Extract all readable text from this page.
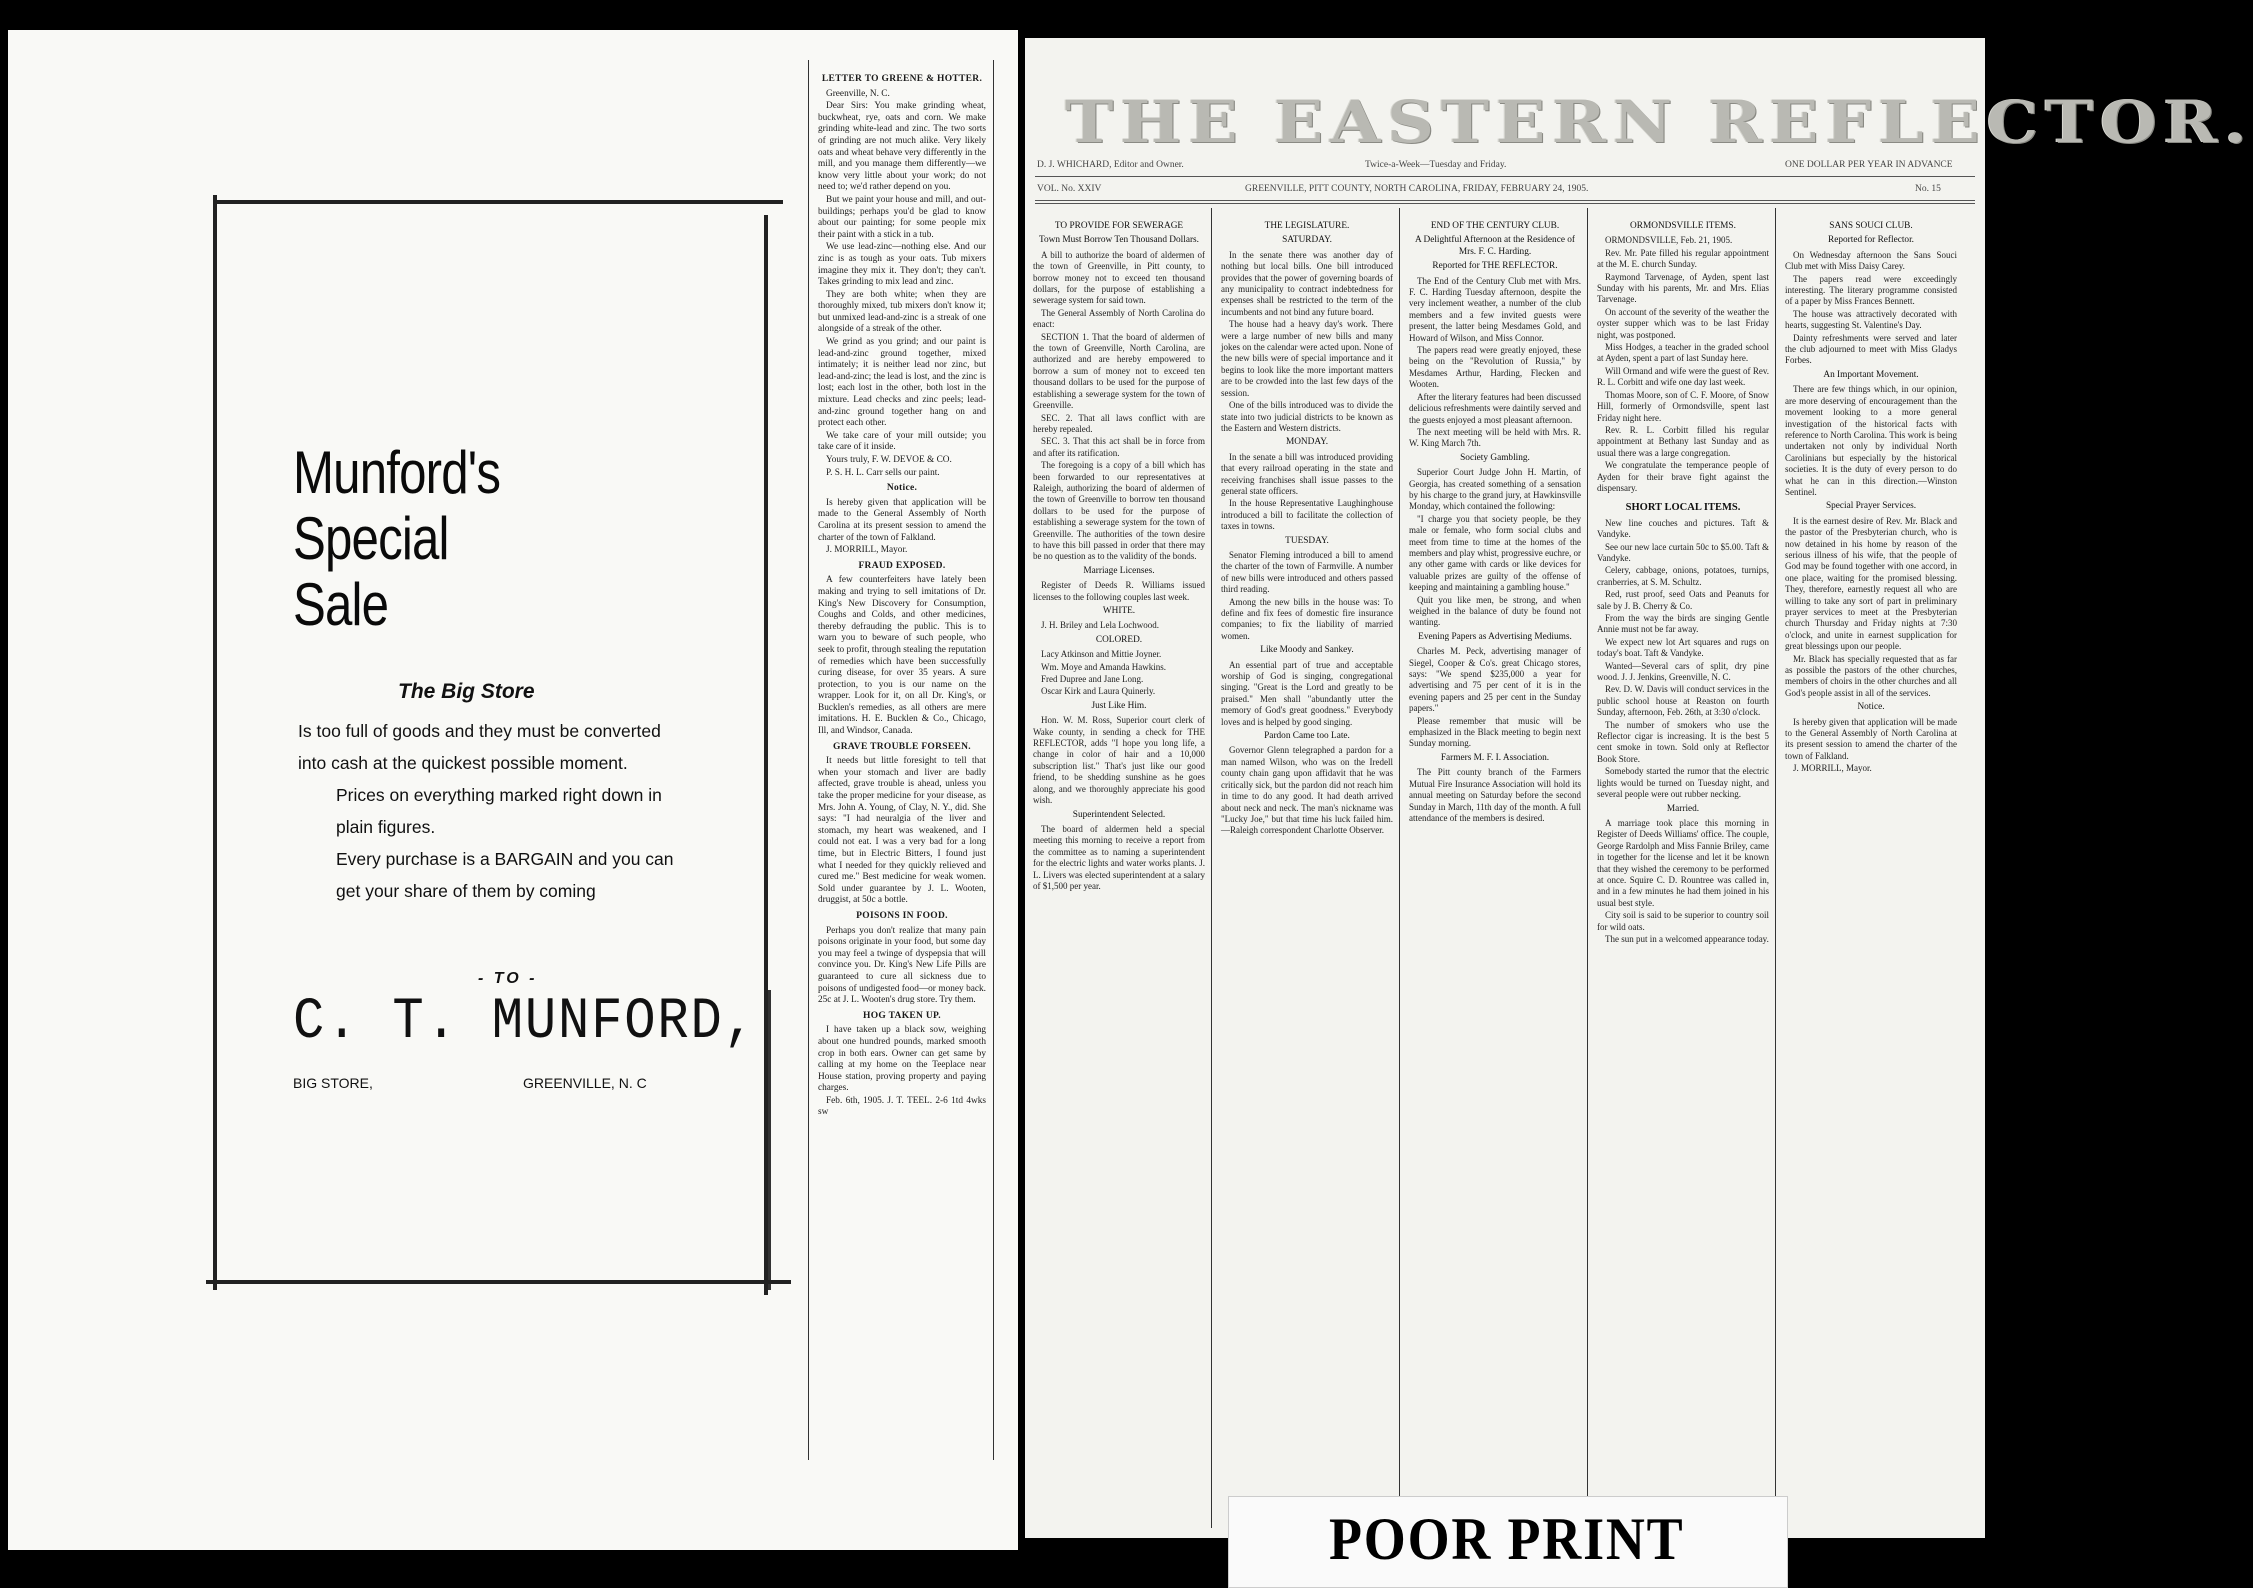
Munford's
Special
Sale
The Big Store

Is too full of goods and they must be converted into cash at the quickest possible moment.

Prices on everything marked right down in plain figures.

Every purchase is a BARGAIN and you can get your share of them by coming

- TO -
C. T. MUNFORD,
BIG STORE,	GREENVILLE, N. C
LETTER TO GREENE & HOTTER.

Greenville, N. C.

Dear Sirs: You make grinding wheat, buckwheat, rye, oats and corn. We make grinding white-lead and zinc. The two sorts of grinding are not much alike. Very likely oats and wheat behave very differently in the mill, and you manage them differently—we know very little about your work; do not need to; we'd rather depend on you.

But we paint your house and mill, and out-buildings; perhaps you'd be glad to know about our painting; for some people mix their paint with a stick in a tub.

We use lead-zinc—nothing else. And our zinc is as tough as your oats. Tub mixers imagine they mix it. They don't; they can't. Takes grinding to mix lead and zinc.

They are both white; when they are thoroughly mixed, tub mixers don't know it; but unmixed lead-and-zinc is a streak of one alongside of a streak of the other.

We grind as you grind; and our paint is lead-and-zinc ground together, mixed intimately; it is neither lead nor zinc, but lead-and-zinc; the lead is lost, and the zinc is lost; each lost in the other, both lost in the mixture. Lead checks and zinc peels; lead-and-zinc ground together hang on and protect each other.

We take care of your mill outside; you take care of it inside.

Yours truly, F. W. DEVOE & CO.

P. S. H. L. Carr sells our paint.

Notice.

Is hereby given that application will be made to the General Assembly of North Carolina at its present session to amend the charter of the town of Falkland.

J. MORRILL, Mayor.

FRAUD EXPOSED.

A few counterfeiters have lately been making and trying to sell imitations of Dr. King's New Discovery for Consumption, Coughs and Colds, and other medicines, thereby defrauding the public. This is to warn you to beware of such people, who seek to profit, through stealing the reputation of remedies which have been successfully curing disease, for over 35 years. A sure protection, to you is our name on the wrapper. Look for it, on all Dr. King's, or Bucklen's remedies, as all others are mere imitations. H. E. Bucklen & Co., Chicago, Ill, and Windsor, Canada.

GRAVE TROUBLE FORSEEN.

It needs but little foresight to tell that when your stomach and liver are badly affected, grave trouble is ahead, unless you take the proper medicine for your disease, as Mrs. John A. Young, of Clay, N. Y., did. She says: "I had neuralgia of the liver and stomach, my heart was weakened, and I could not eat. I was a very bad for a long time, but in Electric Bitters, I found just what I needed for they quickly relieved and cured me." Best medicine for weak women. Sold under guarantee by J. L. Wooten, druggist, at 50c a bottle.

POISONS IN FOOD.

Perhaps you don't realize that many pain poisons originate in your food, but some day you may feel a twinge of dyspepsia that will convince you. Dr. King's New Life Pills are guaranteed to cure all sickness due to poisons of undigested food—or money back. 25c at J. L. Wooten's drug store. Try them.

HOG TAKEN UP.

I have taken up a black sow, weighing about one hundred pounds, marked smooth crop in both ears. Owner can get same by calling at my home on the Teeplace near House station, proving property and paying charges.

Feb. 6th, 1905. J. T. TEEL. 2-6 1td 4wks sw

THE EASTERN REFLECTOR.
D. J. WHICHARD, Editor and Owner.	Twice-a-Week—Tuesday and Friday.	ONE DOLLAR PER YEAR IN ADVANCE
VOL. No. XXIV	GREENVILLE, PITT COUNTY, NORTH CAROLINA, FRIDAY, FEBRUARY 24, 1905.	No. 15
TO PROVIDE FOR SEWERAGE
Town Must Borrow Ten Thousand Dollars.

A bill to authorize the board of aldermen of the town of Greenville, in Pitt county, to borrow money not to exceed ten thousand dollars, for the purpose of establishing a sewerage system for said town.

The General Assembly of North Carolina do enact:

SECTION 1. That the board of aldermen of the town of Greenville, North Carolina, are authorized and are hereby empowered to borrow a sum of money not to exceed ten thousand dollars to be used for the purpose of establishing a sewerage system for the town of Greenville.

SEC. 2. That all laws conflict with are hereby repealed.

SEC. 3. That this act shall be in force from and after its ratification.

The foregoing is a copy of a bill which has been forwarded to our representatives at Raleigh, authorizing the board of aldermen of the town of Greenville to borrow ten thousand dollars to be used for the purpose of establishing a sewerage system for the town of Greenville. The authorities of the town desire to have this bill passed in order that there may be no question as to the validity of the bonds.

Marriage Licenses.

Register of Deeds R. Williams issued licenses to the following couples last week.

WHITE.

J. H. Briley and Lela Lochwood.

COLORED.

Lacy Atkinson and Mittie Joyner.

Wm. Moye and Amanda Hawkins.

Fred Dupree and Jane Long.

Oscar Kirk and Laura Quinerly.

Just Like Him.

Hon. W. M. Ross, Superior court clerk of Wake county, in sending a check for THE REFLECTOR, adds "I hope you long life, a change in color of hair and a 10,000 subscription list." That's just like our good friend, to be shedding sunshine as he goes along, and we thoroughly appreciate his good wish.

Superintendent Selected.

The board of aldermen held a special meeting this morning to receive a report from the committee as to naming a superintendent for the electric lights and water works plants. J. L. Livers was elected superintendent at a salary of $1,500 per year.

THE LEGISLATURE.
SATURDAY.

In the senate there was another day of nothing but local bills. One bill introduced provides that the power of governing boards of any municipality to contract indebtedness for expenses shall be restricted to the term of the incumbents and not bind any future board.

The house had a heavy day's work. There were a large number of new bills and many jokes on the calendar were acted upon. None of the new bills were of special importance and it begins to look like the more important matters are to be crowded into the last few days of the session.

One of the bills introduced was to divide the state into two judicial districts to be known as the Eastern and Western districts.

MONDAY.

In the senate a bill was introduced providing that every railroad operating in the state and receiving franchises shall issue passes to the general state officers.

In the house Representative Laughinghouse introduced a bill to facilitate the collection of taxes in towns.

TUESDAY.

Senator Fleming introduced a bill to amend the charter of the town of Farmville. A number of new bills were introduced and others passed third reading.

Among the new bills in the house was: To define and fix fees of domestic fire insurance companies; to fix the liability of married women.

Like Moody and Sankey.

An essential part of true and acceptable worship of God is singing, congregational singing. "Great is the Lord and greatly to be praised." Men shall "abundantly utter the memory of God's great goodness." Everybody loves and is helped by good singing.

Pardon Came too Late.

Governor Glenn telegraphed a pardon for a man named Wilson, who was on the Iredell county chain gang upon affidavit that he was critically sick, but the pardon did not reach him in time to do any good. It had death arrived about neck and neck. The man's nickname was "Lucky Joe," but that time his luck failed him.—Raleigh correspondent Charlotte Observer.

END OF THE CENTURY CLUB.
A Delightful Afternoon at the Residence of Mrs. F. C. Harding.
Reported for THE REFLECTOR.

The End of the Century Club met with Mrs. F. C. Harding Tuesday afternoon, despite the very inclement weather, a number of the club members and a few invited guests were present, the latter being Mesdames Gold, and Howard of Wilson, and Miss Connor.

The papers read were greatly enjoyed, these being on the "Revolution of Russia," by Mesdames Arthur, Harding, Flecken and Wooten.

After the literary features had been discussed delicious refreshments were daintily served and the guests enjoyed a most pleasant afternoon.

The next meeting will be held with Mrs. R. W. King March 7th.

Society Gambling.

Superior Court Judge John H. Martin, of Georgia, has created something of a sensation by his charge to the grand jury, at Hawkinsville Monday, which contained the following:

"I charge you that society people, be they male or female, who form social clubs and meet from time to time at the homes of the members and play whist, progressive euchre, or any other game with cards or like devices for valuable prizes are guilty of the offense of keeping and maintaining a gambling house."

Quit you like men, be strong, and when weighed in the balance of duty be found not wanting.

Evening Papers as Advertising Mediums.

Charles M. Peck, advertising manager of Siegel, Cooper & Co's. great Chicago stores, says: "We spend $235,000 a year for advertising and 75 per cent of it is in the evening papers and 25 per cent in the Sunday papers."

Please remember that music will be emphasized in the Black meeting to begin next Sunday morning.

Farmers M. F. I. Association.

The Pitt county branch of the Farmers Mutual Fire Insurance Association will hold its annual meeting on Saturday before the second Sunday in March, 11th day of the month. A full attendance of the members is desired.

ORMONDSVILLE ITEMS.

ORMONDSVILLE, Feb. 21, 1905.

Rev. Mr. Pate filled his regular appointment at the M. E. church Sunday.

Raymond Tarvenage, of Ayden, spent last Sunday with his parents, Mr. and Mrs. Elias Tarvenage.

On account of the severity of the weather the oyster supper which was to be last Friday night, was postponed.

Miss Hodges, a teacher in the graded school at Ayden, spent a part of last Sunday here.

Will Ormand and wife were the guest of Rev. R. L. Corbitt and wife one day last week.

Thomas Moore, son of C. F. Moore, of Snow Hill, formerly of Ormondsville, spent last Friday night here.

Rev. R. L. Corbitt filled his regular appointment at Bethany last Sunday and as usual there was a large congregation.

We congratulate the temperance people of Ayden for their brave fight against the dispensary.

SHORT LOCAL ITEMS.

New line couches and pictures. Taft & Vandyke.

See our new lace curtain 50c to $5.00. Taft & Vandyke.

Celery, cabbage, onions, potatoes, turnips, cranberries, at S. M. Schultz.

Red, rust proof, seed Oats and Peanuts for sale by J. B. Cherry & Co.

From the way the birds are singing Gentle Annie must not be far away.

We expect new lot Art squares and rugs on today's boat. Taft & Vandyke.

Wanted—Several cars of split, dry pine wood. J. J. Jenkins, Greenville, N. C.

Rev. D. W. Davis will conduct services in the public school house at Reaston on fourth Sunday, afternoon, Feb. 26th, at 3:30 o'clock.

The number of smokers who use the Reflector cigar is increasing. It is the best 5 cent smoke in town. Sold only at Reflector Book Store.

Somebody started the rumor that the electric lights would be turned on Tuesday night, and several people were out rubber necking.

Married.

A marriage took place this morning in Register of Deeds Williams' office. The couple, George Rardolph and Miss Fannie Briley, came in together for the license and let it be known that they wished the ceremony to be performed at once. Squire C. D. Rountree was called in, and in a few minutes he had them joined in his usual best style.

City soil is said to be superior to country soil for wild oats.

The sun put in a welcomed appearance today.

SANS SOUCI CLUB.
Reported for Reflector.

On Wednesday afternoon the Sans Souci Club met with Miss Daisy Carey.

The papers read were exceedingly interesting. The literary programme consisted of a paper by Miss Frances Bennett.

The house was attractively decorated with hearts, suggesting St. Valentine's Day.

Dainty refreshments were served and later the club adjourned to meet with Miss Gladys Forbes.

An Important Movement.

There are few things which, in our opinion, are more deserving of encouragement than the movement looking to a more general investigation of the historical facts with reference to North Carolina. This work is being undertaken not only by individual North Carolinians but especially by the historical societies. It is the duty of every person to do what he can in this direction.—Winston Sentinel.

Special Prayer Services.

It is the earnest desire of Rev. Mr. Black and the pastor of the Presbyterian church, who is now detained in his home by reason of the serious illness of his wife, that the people of God may be found together with one accord, in one place, waiting for the promised blessing. They, therefore, earnestly request all who are willing to take any sort of part in preliminary prayer services to meet at the Presbyterian church Thursday and Friday nights at 7:30 o'clock, and unite in earnest supplication for great blessings upon our people.

Mr. Black has specially requested that as far as possible the pastors of the other churches, members of choirs in the other churches and all God's people assist in all of the services.

Notice.

Is hereby given that application will be made to the General Assembly of North Carolina at its present session to amend the charter of the town of Falkland.

J. MORRILL, Mayor.

POOR PRINT
